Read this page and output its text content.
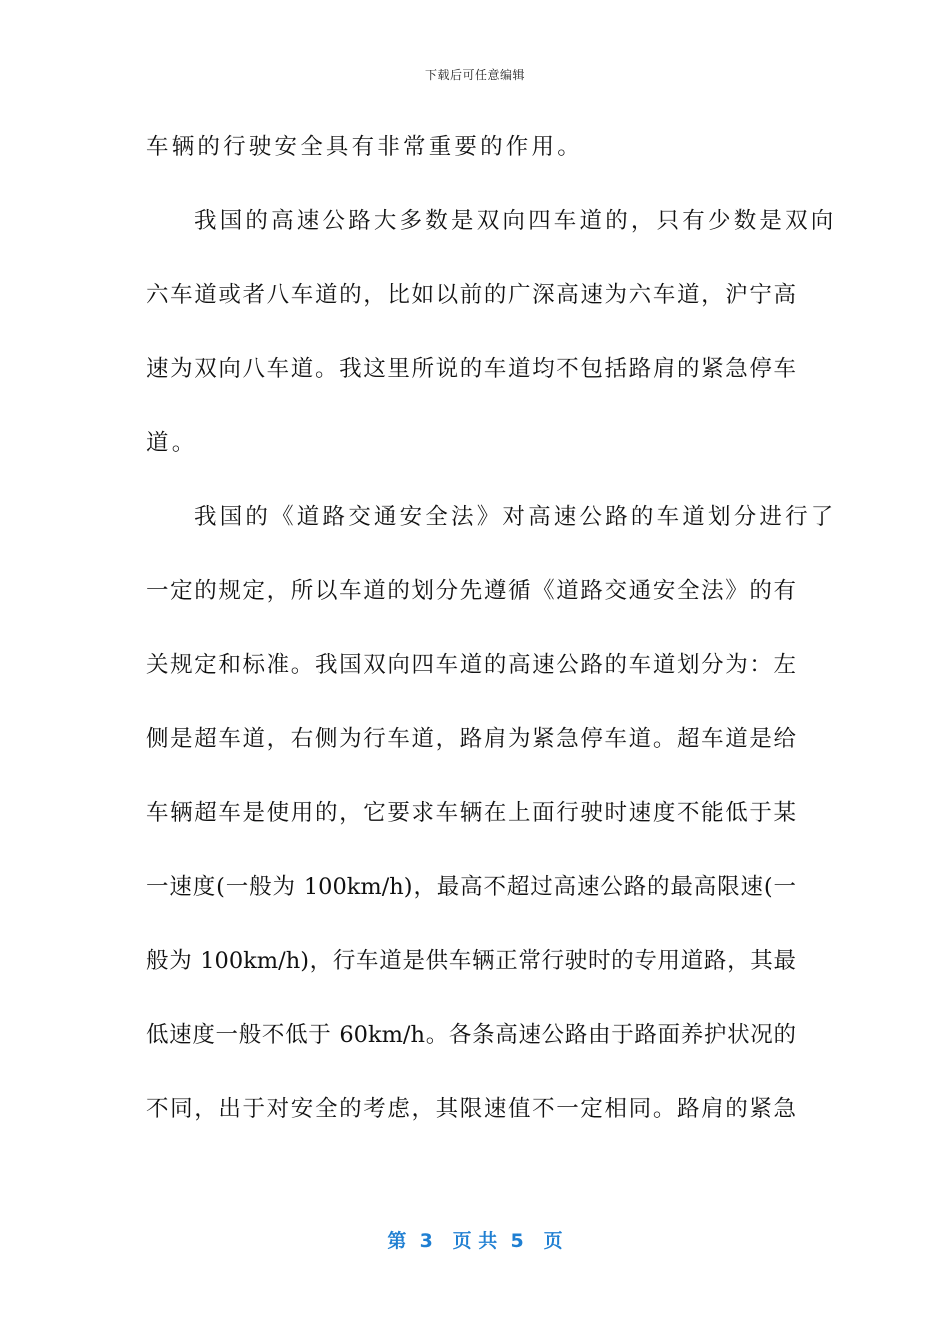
下载后可任意编辑
车辆的行驶安全具有非常重要的作用。
我国的高速公路大多数是双向四车道的，只有少数是双向
六车道或者八车道的，比如以前的广深高速为六车道，沪宁高
速为双向八车道。我这里所说的车道均不包括路肩的紧急停车
道。
我国的《道路交通安全法》对高速公路的车道划分进行了
一定的规定，所以车道的划分先遵循《道路交通安全法》的有
关规定和标准。我国双向四车道的高速公路的车道划分为：左
侧是超车道，右侧为行车道，路肩为紧急停车道。超车道是给
车辆超车是使用的，它要求车辆在上面行驶时速度不能低于某
一速度(一般为 100km/h)，最高不超过高速公路的最高限速(一
般为 100km/h)，行车道是供车辆正常行驶时的专用道路，其最
低速度一般不低于 60km/h。各条高速公路由于路面养护状况的
不同，出于对安全的考虑，其限速值不一定相同。路肩的紧急
第  3   页 共  5   页
